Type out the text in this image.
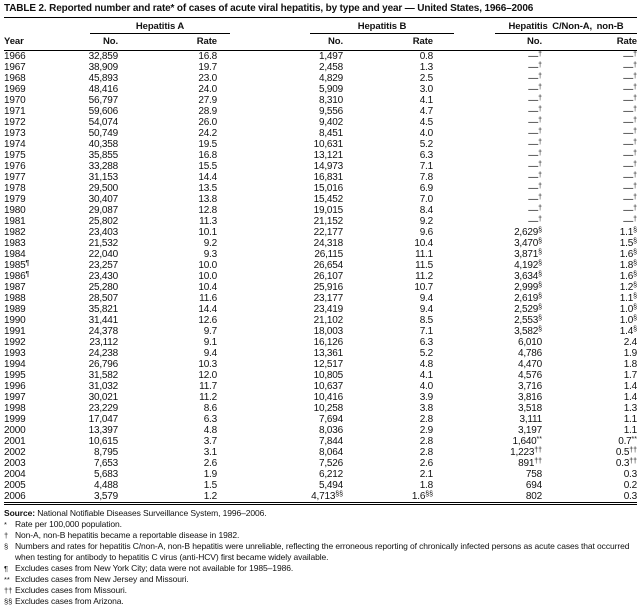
TABLE 2. Reported number and rate* of cases of acute viral hepatitis, by type and year — United States, 1966–2006
Hepatitis A	Hepatitis B	Hepatitis C/Non-A, non-B
Year	No.	Rate	No.	Rate	No.	Rate
1966	32,859	16.8	1,497	0.8	—†	—†
1967	38,909	19.7	2,458	1.3	—†	—†
1968	45,893	23.0	4,829	2.5	—†	—†
1969	48,416	24.0	5,909	3.0	—†	—†
1970	56,797	27.9	8,310	4.1	—†	—†
1971	59,606	28.9	9,556	4.7	—†	—†
1972	54,074	26.0	9,402	4.5	—†	—†
1973	50,749	24.2	8,451	4.0	—†	—†
1974	40,358	19.5	10,631	5.2	—†	—†
1975	35,855	16.8	13,121	6.3	—†	—†
1976	33,288	15.5	14,973	7.1	—†	—†
1977	31,153	14.4	16,831	7.8	—†	—†
1978	29,500	13.5	15,016	6.9	—†	—†
1979	30,407	13.8	15,452	7.0	—†	—†
1980	29,087	12.8	19,015	8.4	—†	—†
1981	25,802	11.3	21,152	9.2	—†	—†
1982	23,403	10.1	22,177	9.6	2,629§	1.1§
1983	21,532	9.2	24,318	10.4	3,470§	1.5§
1984	22,040	9.3	26,115	11.1	3,871§	1.6§
1985¶	23,257	10.0	26,654	11.5	4,192§	1.8§
1986¶	23,430	10.0	26,107	11.2	3,634§	1.6§
1987	25,280	10.4	25,916	10.7	2,999§	1.2§
1988	28,507	11.6	23,177	9.4	2,619§	1.1§
1989	35,821	14.4	23,419	9.4	2,529§	1.0§
1990	31,441	12.6	21,102	8.5	2,553§	1.0§
1991	24,378	9.7	18,003	7.1	3,582§	1.4§
1992	23,112	9.1	16,126	6.3	6,010	2.4
1993	24,238	9.4	13,361	5.2	4,786	1.9
1994	26,796	10.3	12,517	4.8	4,470	1.8
1995	31,582	12.0	10,805	4.1	4,576	1.7
1996	31,032	11.7	10,637	4.0	3,716	1.4
1997	30,021	11.2	10,416	3.9	3,816	1.4
1998	23,229	8.6	10,258	3.8	3,518	1.3
1999	17,047	6.3	7,694	2.8	3,111	1.1
2000	13,397	4.8	8,036	2.9	3,197	1.1
2001	10,615	3.7	7,844	2.8	1,640**	0.7**
2002	8,795	3.1	8,064	2.8	1,223††	0.5††
2003	7,653	2.6	7,526	2.6	891††	0.3††
2004	5,683	1.9	6,212	2.1	758	0.3
2005	4,488	1.5	5,494	1.8	694	0.2
2006	3,579	1.2	4,713§§	1.6§§	802	0.3
Source: National Notifiable Diseases Surveillance System, 1996–2006.
* Rate per 100,000 population.
† Non-A, non-B hepatitis became a reportable disease in 1982.
§ Numbers and rates for hepatitis C/non-A, non-B hepatitis were unreliable, reflecting the erroneous reporting of chronically infected persons as acute cases that occurred when testing for antibody to hepatitis C virus (anti-HCV) first became widely available.
¶ Excludes cases from New York City; data were not available for 1985–1986.
** Excludes cases from New Jersey and Missouri.
†† Excludes cases from Missouri.
§§ Excludes cases from Arizona.
